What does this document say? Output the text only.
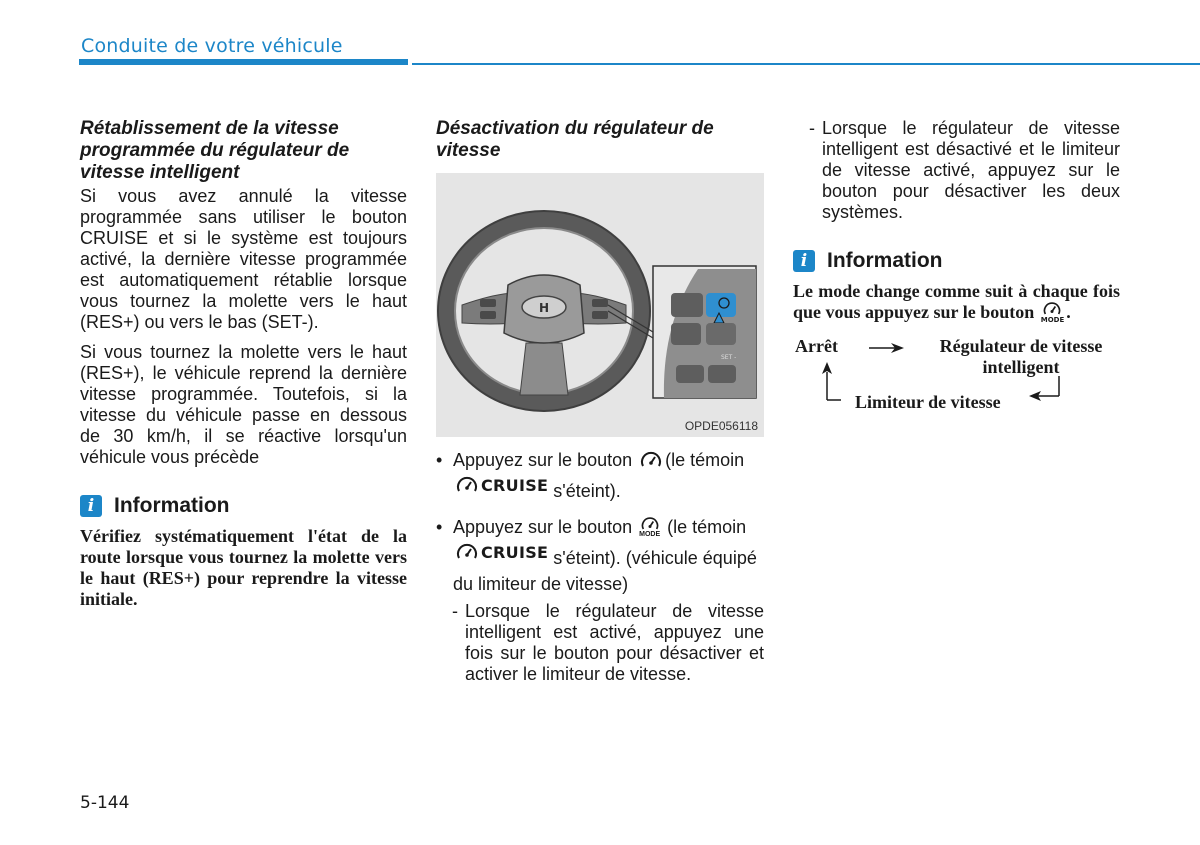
Conduite de votre véhicule

Rétablissement de la vitesse programmée du régulateur de vitesse intelligent

Si vous avez annulé la vitesse programmée sans utiliser le bouton CRUISE et si le système est toujours activé, la dernière vitesse programmée est automatiquement rétablie lorsque vous tournez la molette vers le haut (RES+) ou vers le bas (SET-).

Si vous tournez la molette vers le haut (RES+), le véhicule reprend la dernière vitesse programmée. Toutefois, si la vitesse du véhicule passe en dessous de 30 km/h, il se réactive lorsqu'un véhicule vous précède

i Information

Vérifiez systématiquement l'état de la route lorsque vous tournez la molette vers le haut (RES+) pour reprendre la vitesse initiale.

Désactivation du régulateur de vitesse

H
SET -
OPDE056118
• Appuyez sur le bouton (le témoin

CRUISE s'éteint).
• Appuyez sur le bouton MODE (le témoin

CRUISE s'éteint). (véhicule équipé du limiteur de vitesse)
- Lorsque le régulateur de vitesse intelligent est activé, appuyez une fois sur le bouton pour désactiver et activer le limiteur de vitesse.
- Lorsque le régulateur de vitesse intelligent est désactivé et le limiteur de vitesse activé, appuyez sur le bouton pour désactiver les deux systèmes.
i Information

Le mode change comme suit à chaque fois que vous appuyez sur le bouton MODE .

Arrêt	Régulateur de vitesse intelligent
Limiteur de vitesse
5-144
